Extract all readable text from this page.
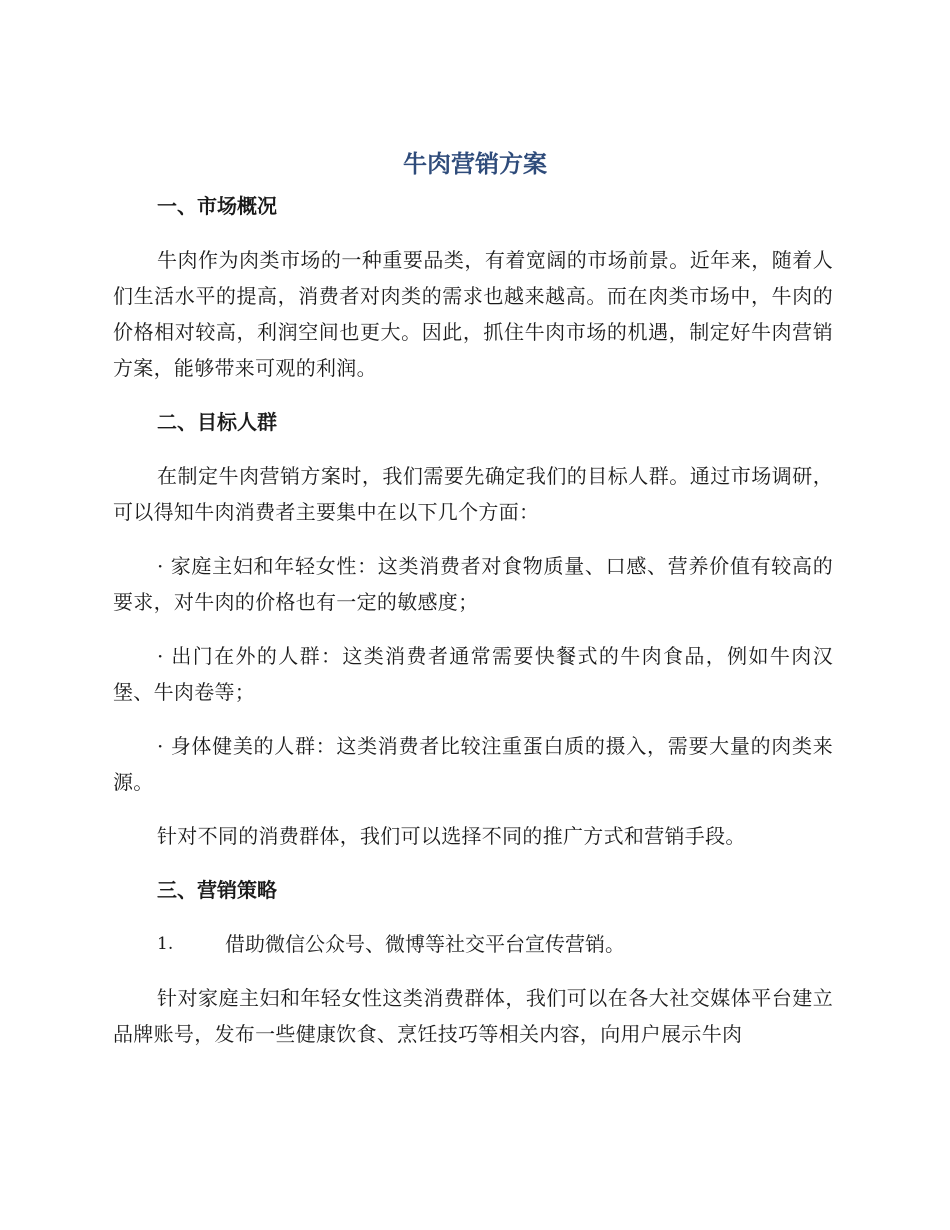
牛肉营销方案

一、市场概况

牛肉作为肉类市场的一种重要品类，有着宽阔的市场前景。近年来，随着人们生活水平的提高，消费者对肉类的需求也越来越高。而在肉类市场中，牛肉的价格相对较高，利润空间也更大。因此，抓住牛肉市场的机遇，制定好牛肉营销方案，能够带来可观的利润。

二、目标人群

在制定牛肉营销方案时，我们需要先确定我们的目标人群。通过市场调研，可以得知牛肉消费者主要集中在以下几个方面：

· 家庭主妇和年轻女性：这类消费者对食物质量、口感、营养价值有较高的要求，对牛肉的价格也有一定的敏感度；

· 出门在外的人群：这类消费者通常需要快餐式的牛肉食品，例如牛肉汉堡、牛肉卷等；

· 身体健美的人群：这类消费者比较注重蛋白质的摄入，需要大量的肉类来源。

针对不同的消费群体，我们可以选择不同的推广方式和营销手段。

三、营销策略

1.	借助微信公众号、微博等社交平台宣传营销。

针对家庭主妇和年轻女性这类消费群体，我们可以在各大社交媒体平台建立品牌账号，发布一些健康饮食、烹饪技巧等相关内容，向用户展示牛肉
